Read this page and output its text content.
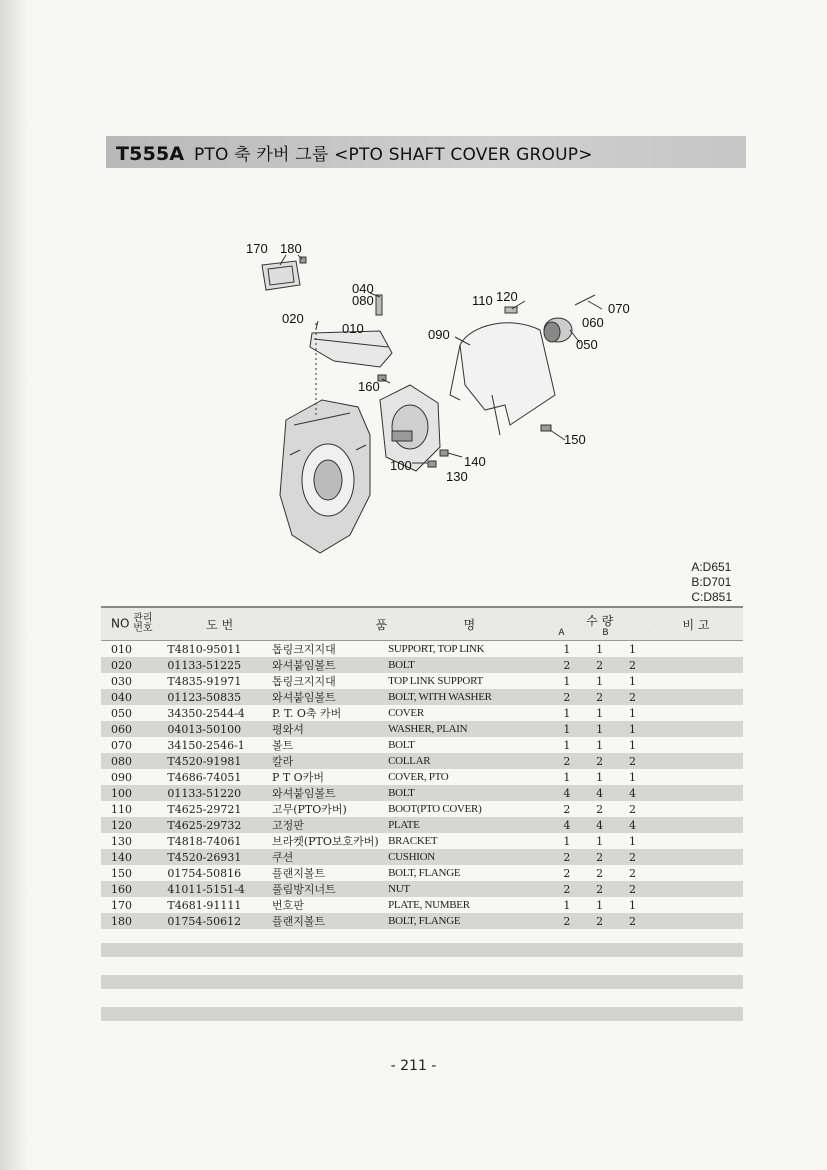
T555A PTO 축 카버 그룹 <PTO SHAFT COVER GROUP>
170 180
040
080	110 120
070
020
010	090
060
050
160
150
100	140
130
A:D651
B:D701
C:D851
NO 관리번호	도 번	품	명	수 량
A B			비 고
010	T4810-95011	톱링크지지대	SUPPORT, TOP LINK	1	1	1	
020	01133-51225	와셔붙임볼트	BOLT	2	2	2	
030	T4835-91971	톱링크지지대	TOP LINK SUPPORT	1	1	1	
040	01123-50835	와셔붙임볼트	BOLT, WITH WASHER	2	2	2	
050	34350-2544-4	P. T. O축 카버	COVER	1	1	1	
060	04013-50100	평와셔	WASHER, PLAIN	1	1	1	
070	34150-2546-1	볼트	BOLT	1	1	1	
080	T4520-91981	칼라	COLLAR	2	2	2	
090	T4686-74051	P T O카버	COVER, PTO	1	1	1	
100	01133-51220	와셔붙임볼트	BOLT	4	4	4	
110	T4625-29721	고무(PTO카버)	BOOT(PTO COVER)	2	2	2	
120	T4625-29732	고정판	PLATE	4	4	4	
130	T4818-74061	브라켓(PTO보호카버)	BRACKET	1	1	1	
140	T4520-26931	쿠션	CUSHION	2	2	2	
150	01754-50816	플랜지볼트	BOLT, FLANGE	2	2	2	
160	41011-5151-4	풀림방지너트	NUT	2	2	2	
170	T4681-91111	번호판	PLATE, NUMBER	1	1	1	
180	01754-50612	플랜지볼트	BOLT, FLANGE	2	2	2	
- 211 -
